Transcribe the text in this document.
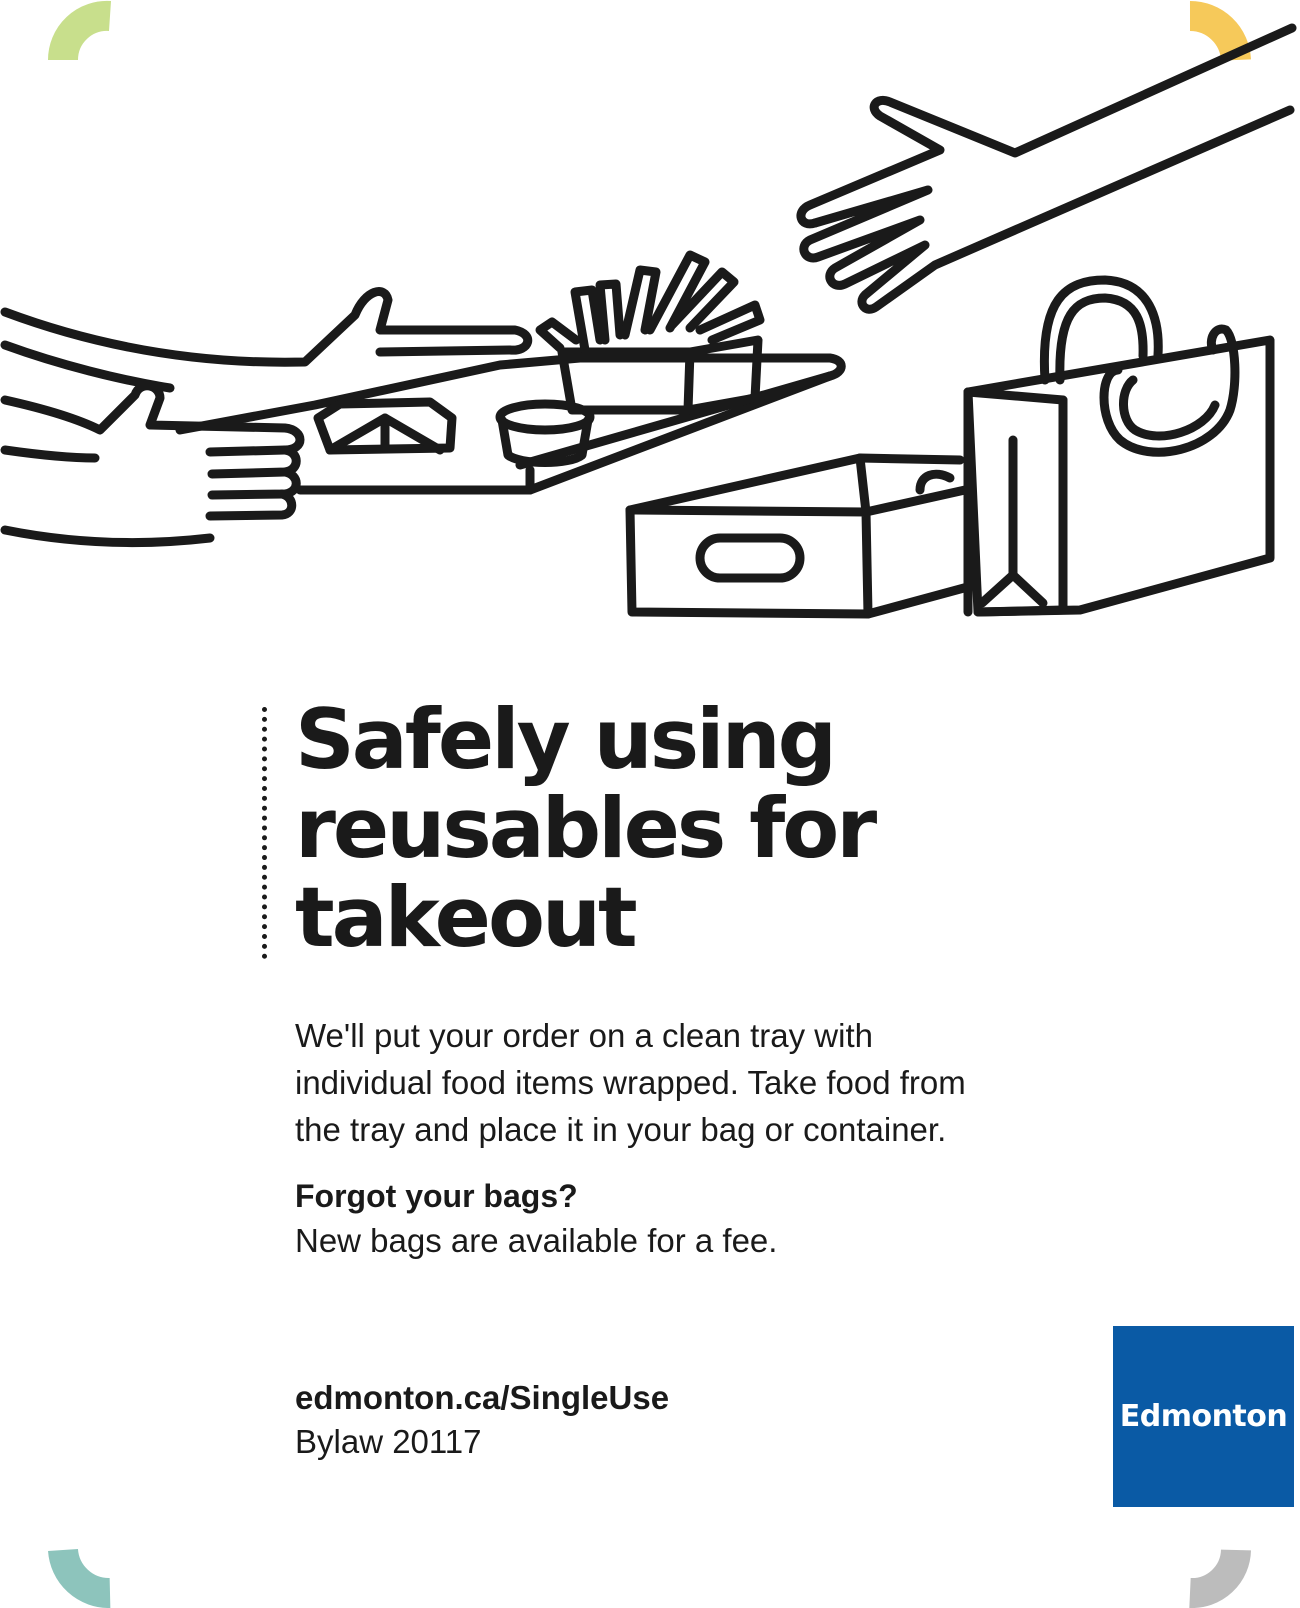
Safely using
reusables for
takeout
We'll put your order on a clean tray with
individual food items wrapped. Take food from
the tray and place it in your bag or container.
Forgot your bags?
New bags are available for a fee.
edmonton.ca/SingleUse
Bylaw 20117
Edmonton
